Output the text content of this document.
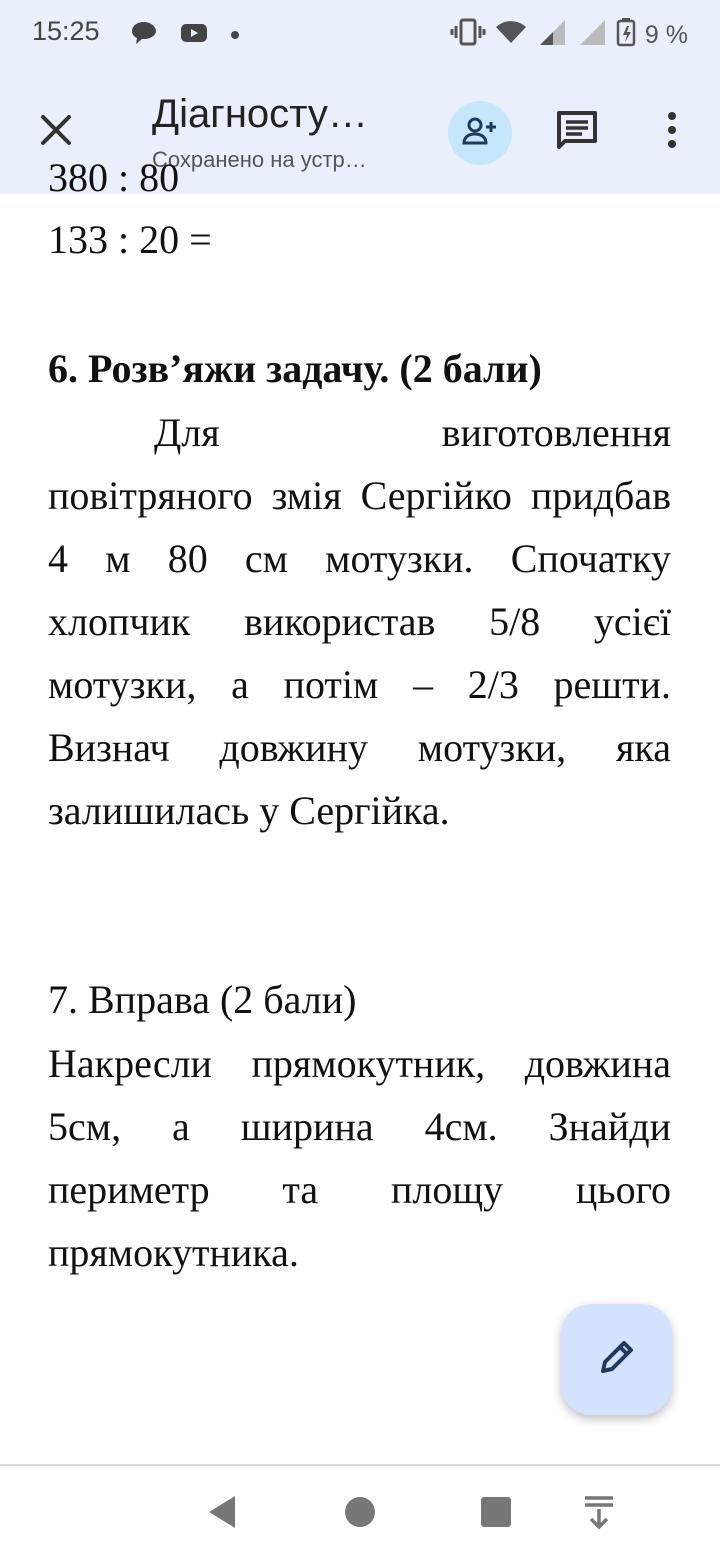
15:25	9 %
Діагносту…
Сохранено на устр…
380 : 80

133 : 20 =

6. Розв’яжи задачу. (2 бали)

Для виготовлення повітряного змія Сергійко придбав 4 м 80 см мотузки. Спочатку хлопчик використав 5/8 усієї мотузки, а потім – 2/3 решти. Визнач довжину мотузки, яка залишилась у Сергійка.

7. Вправа (2 бали)

Накресли прямокутник, довжина 5см, а ширина 4см. Знайди периметр та площу цього прямокутника.
